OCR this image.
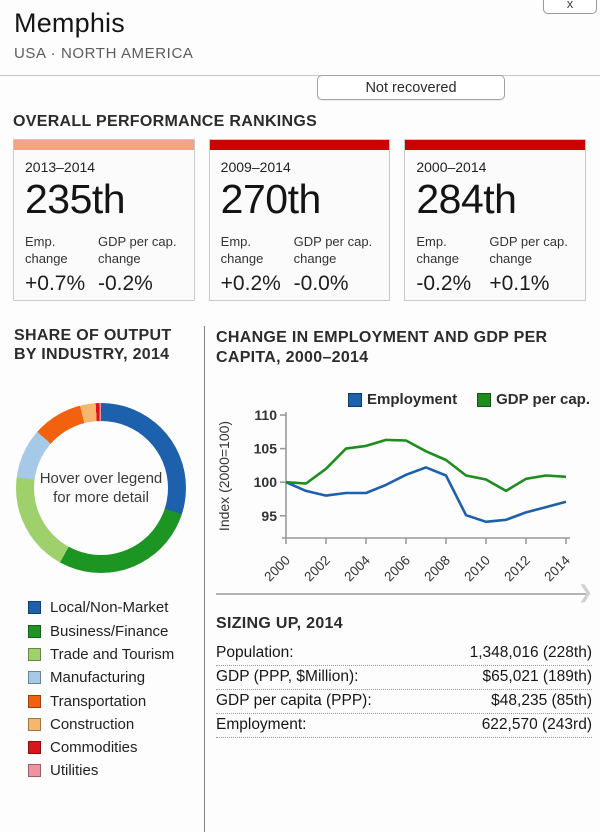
x
Memphis
USA · NORTH AMERICA
Not recovered
OVERALL PERFORMANCE RANKINGS
2013–2014
235th
Emp. change
+0.7%
GDP per cap. change
-0.2%
2009–2014
270th
Emp. change
+0.2%
GDP per cap. change
-0.0%
2000–2014
284th
Emp. change
-0.2%
GDP per cap. change
+0.1%
SHARE OF OUTPUT BY INDUSTRY, 2014
Hover over legend
for more detail
Local/Non-Market
Business/Finance
Trade and Tourism
Manufacturing
Transportation
Construction
Commodities
Utilities
CHANGE IN EMPLOYMENT AND GDP PER CAPITA, 2000–2014
Employment	GDP per cap.
95
100
105
110
2000 2002 2004 2006 2008 2010 2012 2014
Index (2000=100)
❯
SIZING UP, 2014
Population:	1,348,016 (228th)
GDP (PPP, $Million):	$65,021 (189th)
GDP per capita (PPP):	$48,235 (85th)
Employment:	622,570 (243rd)
